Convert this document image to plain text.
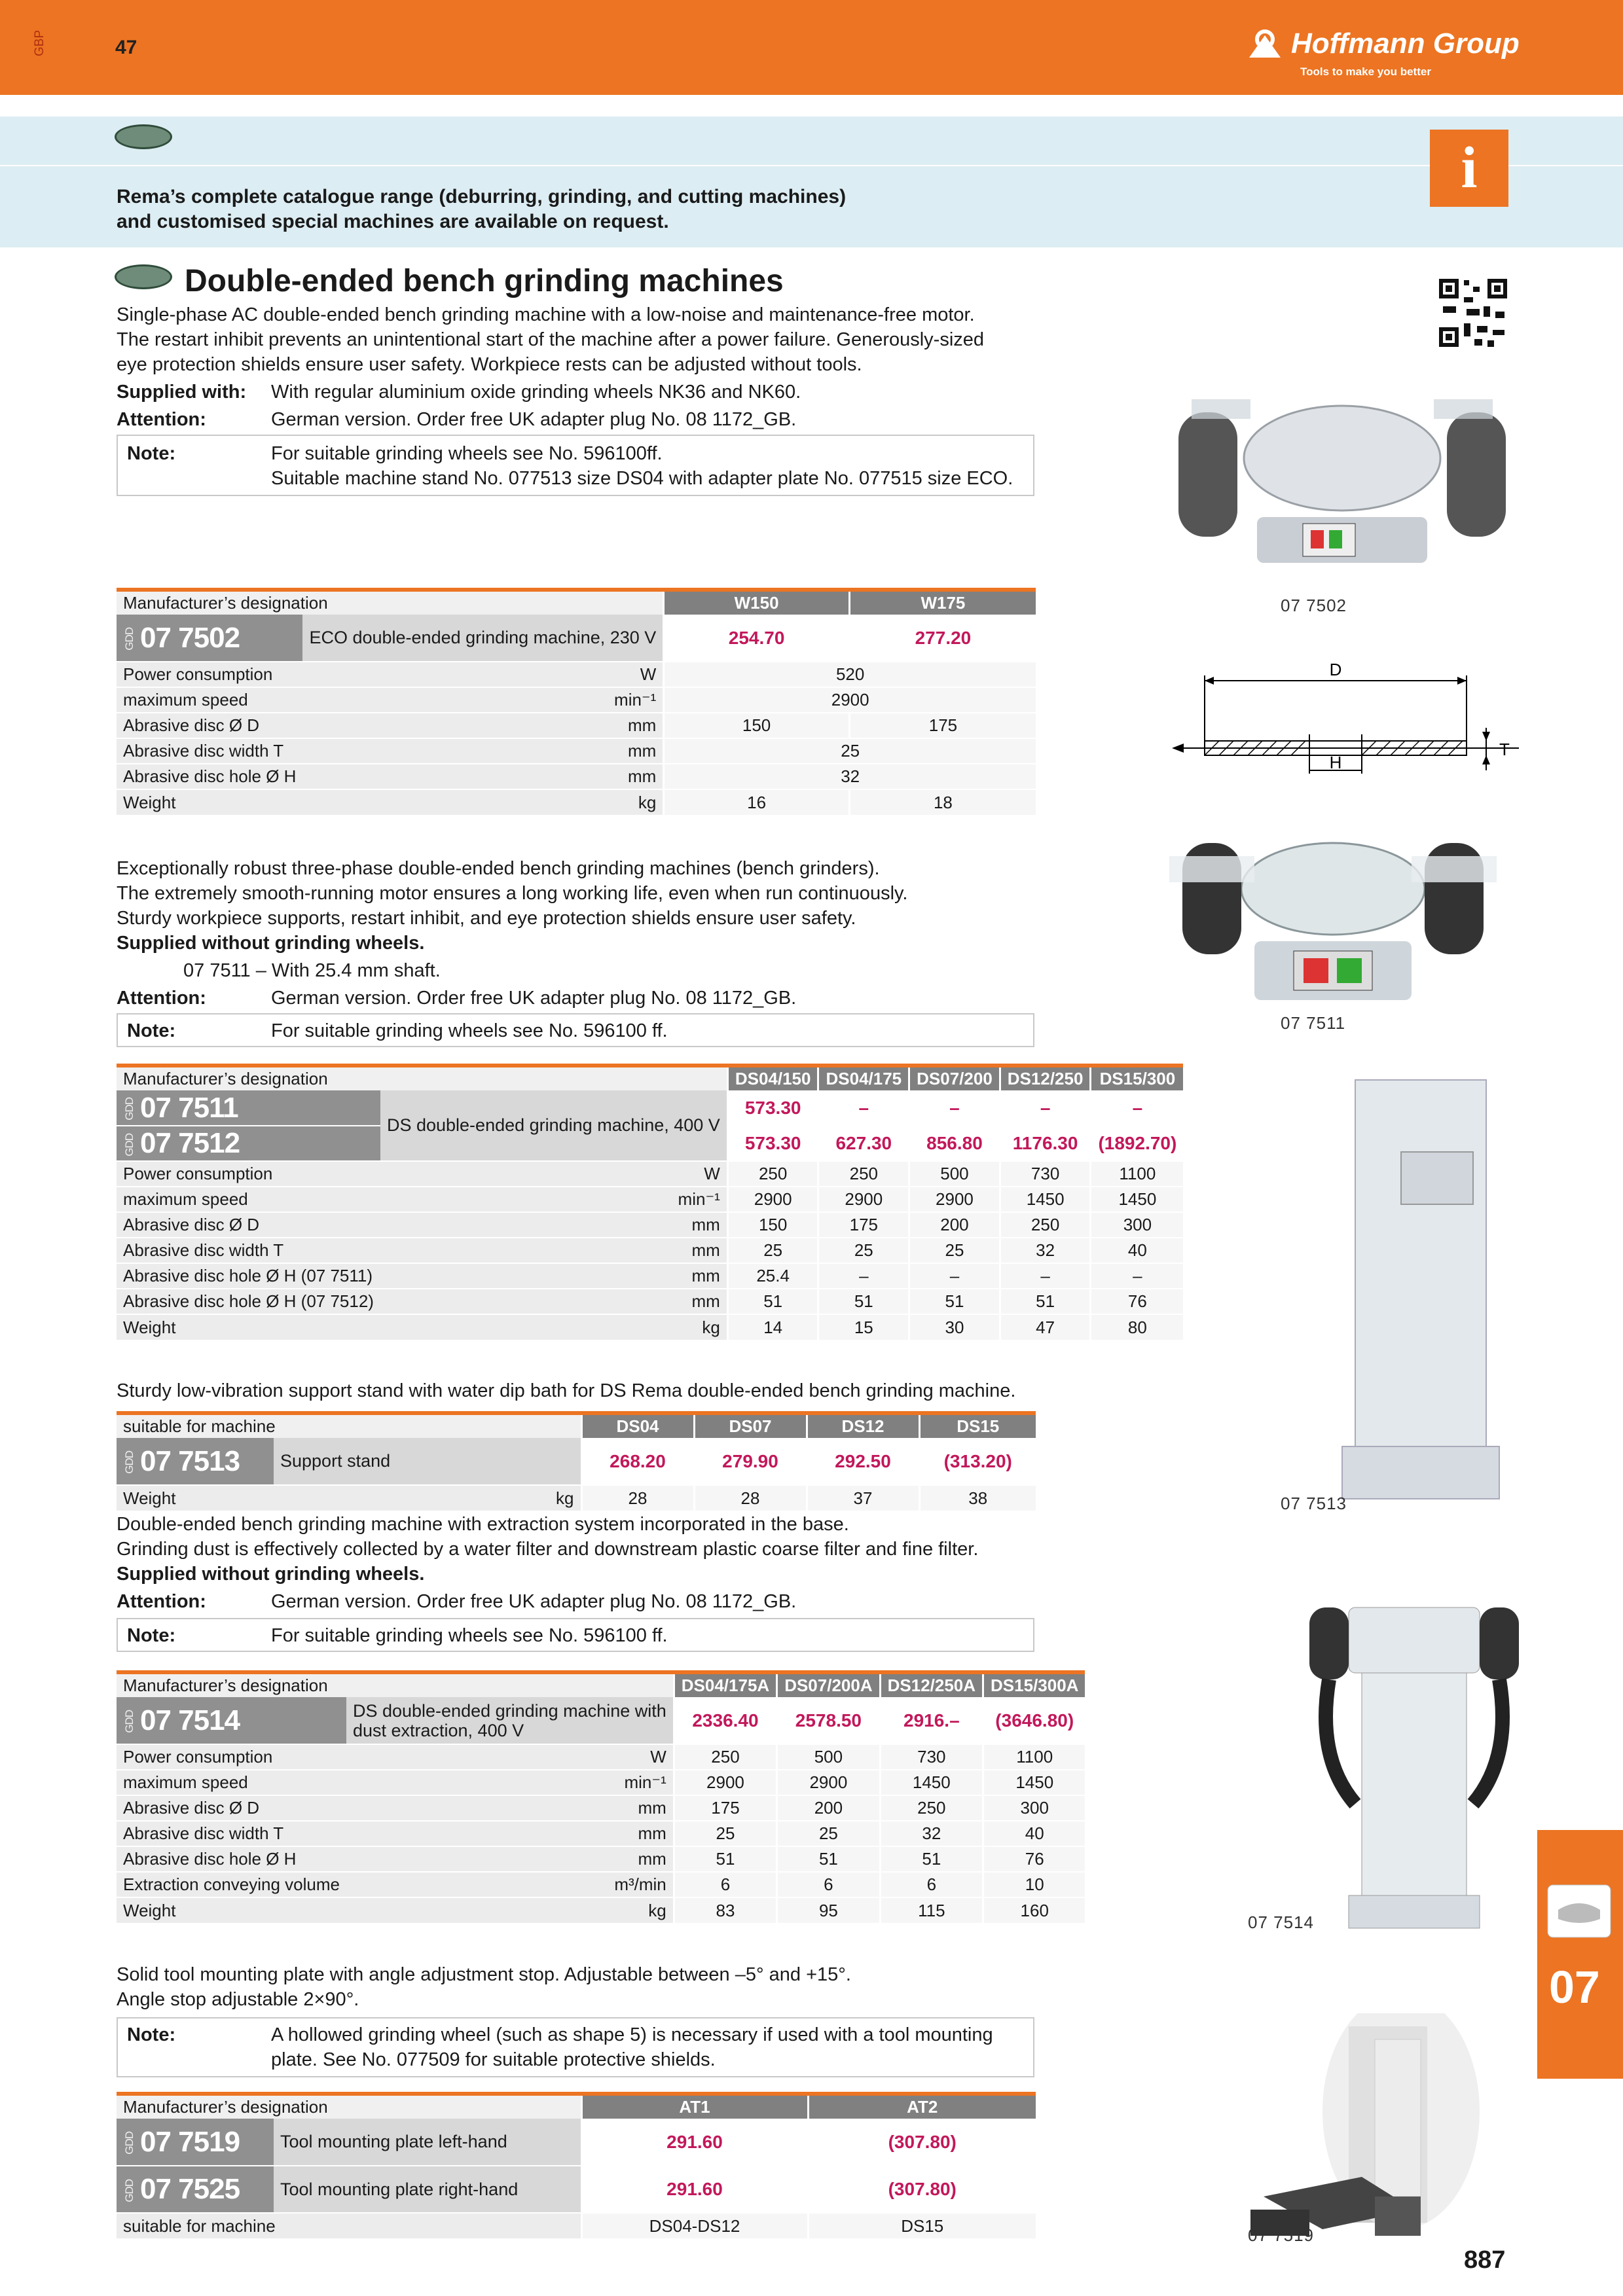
GBP	47	Hoffmann Group
Tools to make you better
Rema’s complete catalogue range (deburring, grinding, and cutting machines)
and customised special machines are available on request.
i
Double-ended bench grinding machines
Single-phase AC double-ended bench grinding machine with a low-noise and maintenance-free motor.
The restart inhibit prevents an unintentional start of the machine after a power failure. Generously-sized
eye protection shields ensure user safety. Workpiece rests can be adjusted without tools.
Supplied with: With regular aluminium oxide grinding wheels NK36 and NK60.
Attention:	German version. Order free UK adapter plug No. 08 1172_GB.
Note:	For suitable grinding wheels see No. 596100ff.
Suitable machine stand No. 077513 size DS04 with adapter plate No. 077515 size ECO.
Manufacturer’s designation		W150	W175
GDD 07 7502	ECO double-ended grinding machine, 230 V	254.70	277.20
Power consumption	W	520	
maximum speed	min⁻¹	2900	
Abrasive disc Ø D	mm	150	175
Abrasive disc width T	mm	25	
Abrasive disc hole Ø H	mm	32	
Weight	kg	16	18
Exceptionally robust three-phase double-ended bench grinding machines (bench grinders).
The extremely smooth-running motor ensures a long working life, even when run continuously.
Sturdy workpiece supports, restart inhibit, and eye protection shields ensure user safety.
Supplied without grinding wheels.
07 7511 – With 25.4 mm shaft.
Attention:	German version. Order free UK adapter plug No. 08 1172_GB.
Note:	For suitable grinding wheels see No. 596100 ff.
Manufacturer’s designation		DS04/150	DS04/175	DS07/200	DS12/250	DS15/300
GDD 07 7511	DS double-ended grinding machine, 400 V	573.30	–	–	–	–
GDD 07 7512		573.30	627.30	856.80	1176.30	(1892.70)
Power consumption	W	250	250	500	730	1100
maximum speed	min⁻¹	2900	2900	2900	1450	1450
Abrasive disc Ø D	mm	150	175	200	250	300
Abrasive disc width T	mm	25	25	25	32	40
Abrasive disc hole Ø H (07 7511)	mm	25.4	–	–	–	–
Abrasive disc hole Ø H (07 7512)	mm	51	51	51	51	76
Weight	kg	14	15	30	47	80
Sturdy low-vibration support stand with water dip bath for DS Rema double-ended bench grinding machine.
suitable for machine		DS04	DS07	DS12	DS15
GDD 07 7513	Support stand	268.20	279.90	292.50	(313.20)
Weight	kg	28	28	37	38
Double-ended bench grinding machine with extraction system incorporated in the base.
Grinding dust is effectively collected by a water filter and downstream plastic coarse filter and fine filter.
Supplied without grinding wheels.
Attention:	German version. Order free UK adapter plug No. 08 1172_GB.
Note:	For suitable grinding wheels see No. 596100 ff.
Manufacturer’s designation		DS04/175A	DS07/200A	DS12/250A	DS15/300A
GDD 07 7514	DS double-ended grinding machine with
dust extraction, 400 V	2336.40	2578.50	2916.–	(3646.80)
Power consumption	W	250	500	730	1100
maximum speed	min⁻¹	2900	2900	1450	1450
Abrasive disc Ø D	mm	175	200	250	300
Abrasive disc width T	mm	25	25	32	40
Abrasive disc hole Ø H	mm	51	51	51	76
Extraction conveying volume	m³/min	6	6	6	10
Weight	kg	83	95	115	160
Solid tool mounting plate with angle adjustment stop. Adjustable between –5° and +15°.
Angle stop adjustable 2×90°.
Note:	A hollowed grinding wheel (such as shape 5) is necessary if used with a tool mounting
plate. See No. 077509 for suitable protective shields.
Manufacturer’s designation		AT1	AT2
GDD 07 7519	Tool mounting plate left-hand	291.60	(307.80)
GDD 07 7525	Tool mounting plate right-hand	291.60	(307.80)
suitable for machine		DS04-DS12	DS15
07 7502
D
T
H
07 7511
07 7513
07 7514
07 7519
07
887
